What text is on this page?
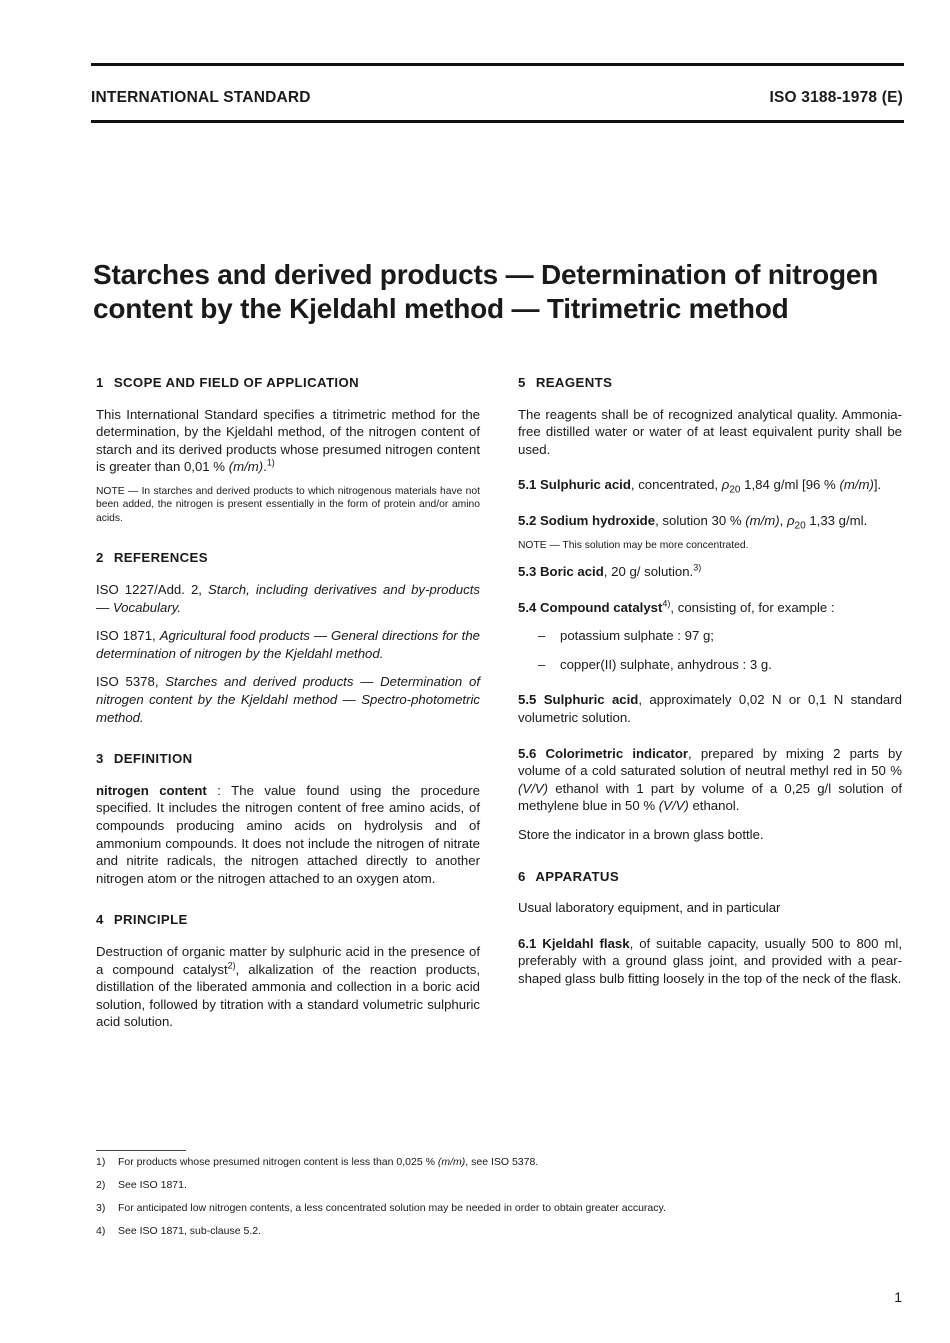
INTERNATIONAL STANDARD	ISO 3188-1978 (E)
Starches and derived products — Determination of nitrogen
content by the Kjeldahl method — Titrimetric method
1 SCOPE AND FIELD OF APPLICATION

This International Standard specifies a titrimetric method for the determination, by the Kjeldahl method, of the nitrogen content of starch and its derived products whose presumed nitrogen content is greater than 0,01 % (m/m).$^{1)}$

NOTE — In starches and derived products to which nitrogenous materials have not been added, the nitrogen is present essentially in the form of protein and/or amino acids.

2 REFERENCES

ISO 1227/Add. 2, Starch, including derivatives and by-products — Vocabulary.

ISO 1871, Agricultural food products — General directions for the determination of nitrogen by the Kjeldahl method.

ISO 5378, Starches and derived products — Determination of nitrogen content by the Kjeldahl method — Spectro-photometric method.

3 DEFINITION

nitrogen content : The value found using the procedure specified. It includes the nitrogen content of free amino acids, of compounds producing amino acids on hydrolysis and of ammonium compounds. It does not include the nitrogen of nitrate and nitrite radicals, the nitrogen attached directly to another nitrogen atom or the nitrogen attached to an oxygen atom.

4 PRINCIPLE

Destruction of organic matter by sulphuric acid in the presence of a compound catalyst$^{2)}$, alkalization of the reaction products, distillation of the liberated ammonia and collection in a boric acid solution, followed by titration with a standard volumetric sulphuric acid solution.

5 REAGENTS

The reagents shall be of recognized analytical quality. Ammonia-free distilled water or water of at least equivalent purity shall be used.

5.1 Sulphuric acid, concentrated, $\rho_{20}$ 1,84 g/ml [96 % (m/m)].

5.2 Sodium hydroxide, solution 30 % (m/m), $\rho_{20}$ 1,33 g/ml.

NOTE — This solution may be more concentrated.

5.3 Boric acid, 20 g/ solution.$^{3)}$

5.4 Compound catalyst$^{4)}$, consisting of, for example :

– potassium sulphate : 97 g;
– copper(II) sulphate, anhydrous : 3 g.

5.5 Sulphuric acid, approximately 0,02 N or 0,1 N standard volumetric solution.

5.6 Colorimetric indicator, prepared by mixing 2 parts by volume of a cold saturated solution of neutral methyl red in 50 % (V/V) ethanol with 1 part by volume of a 0,25 g/l solution of methylene blue in 50 % (V/V) ethanol.

Store the indicator in a brown glass bottle.

6 APPARATUS

Usual laboratory equipment, and in particular

6.1 Kjeldahl flask, of suitable capacity, usually 500 to 800 ml, preferably with a ground glass joint, and provided with a pear-shaped glass bulb fitting loosely in the top of the neck of the flask.

1) For products whose presumed nitrogen content is less than 0,025 % (m/m), see ISO 5378.
2) See ISO 1871.
3) For anticipated low nitrogen contents, a less concentrated solution may be needed in order to obtain greater accuracy.
4) See ISO 1871, sub-clause 5.2.
1
